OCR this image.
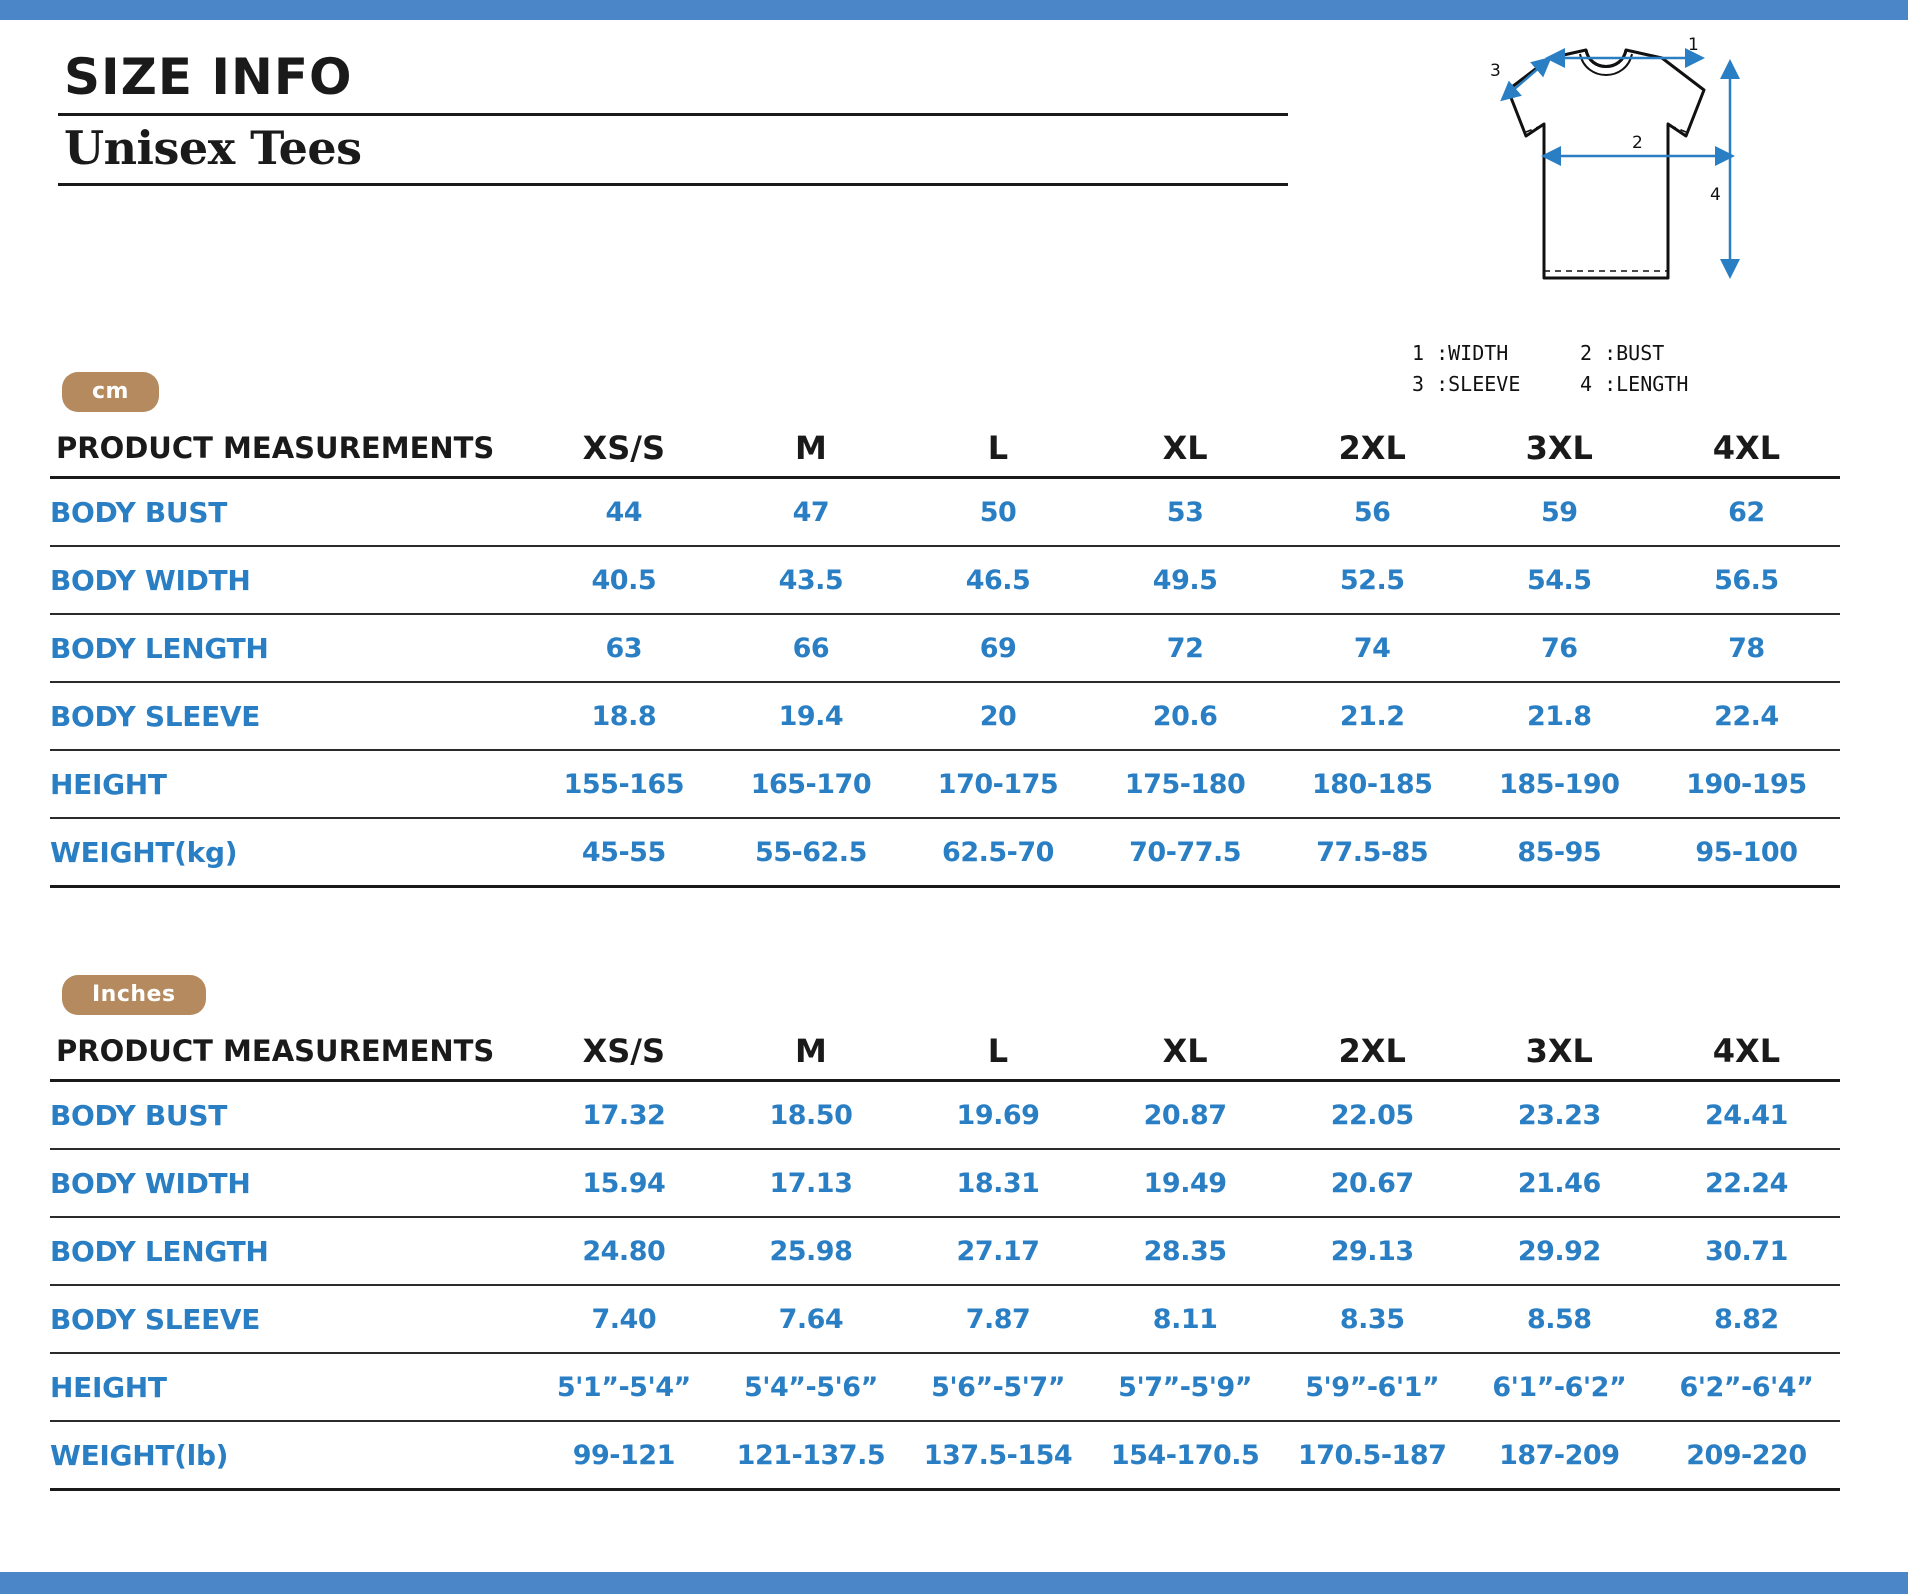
SIZE INFO
Unisex Tees
1
2
3
4
1 :WIDTH	2 :BUST
3 :SLEEVE	4 :LENGTH
cm
PRODUCT MEASUREMENTS	XS/S	M	L	XL	2XL	3XL	4XL
BODY BUST	44	47	50	53	56	59	62
BODY WIDTH	40.5	43.5	46.5	49.5	52.5	54.5	56.5
BODY LENGTH	63	66	69	72	74	76	78
BODY SLEEVE	18.8	19.4	20	20.6	21.2	21.8	22.4
HEIGHT	155-165	165-170	170-175	175-180	180-185	185-190	190-195
WEIGHT(kg)	45-55	55-62.5	62.5-70	70-77.5	77.5-85	85-95	95-100
Inches
PRODUCT MEASUREMENTS	XS/S	M	L	XL	2XL	3XL	4XL
BODY BUST	17.32	18.50	19.69	20.87	22.05	23.23	24.41
BODY WIDTH	15.94	17.13	18.31	19.49	20.67	21.46	22.24
BODY LENGTH	24.80	25.98	27.17	28.35	29.13	29.92	30.71
BODY SLEEVE	7.40	7.64	7.87	8.11	8.35	8.58	8.82
HEIGHT	5'1”-5'4”	5'4”-5'6”	5'6”-5'7”	5'7”-5'9”	5'9”-6'1”	6'1”-6'2”	6'2”-6'4”
WEIGHT(lb)	99-121	121-137.5	137.5-154	154-170.5	170.5-187	187-209	209-220
